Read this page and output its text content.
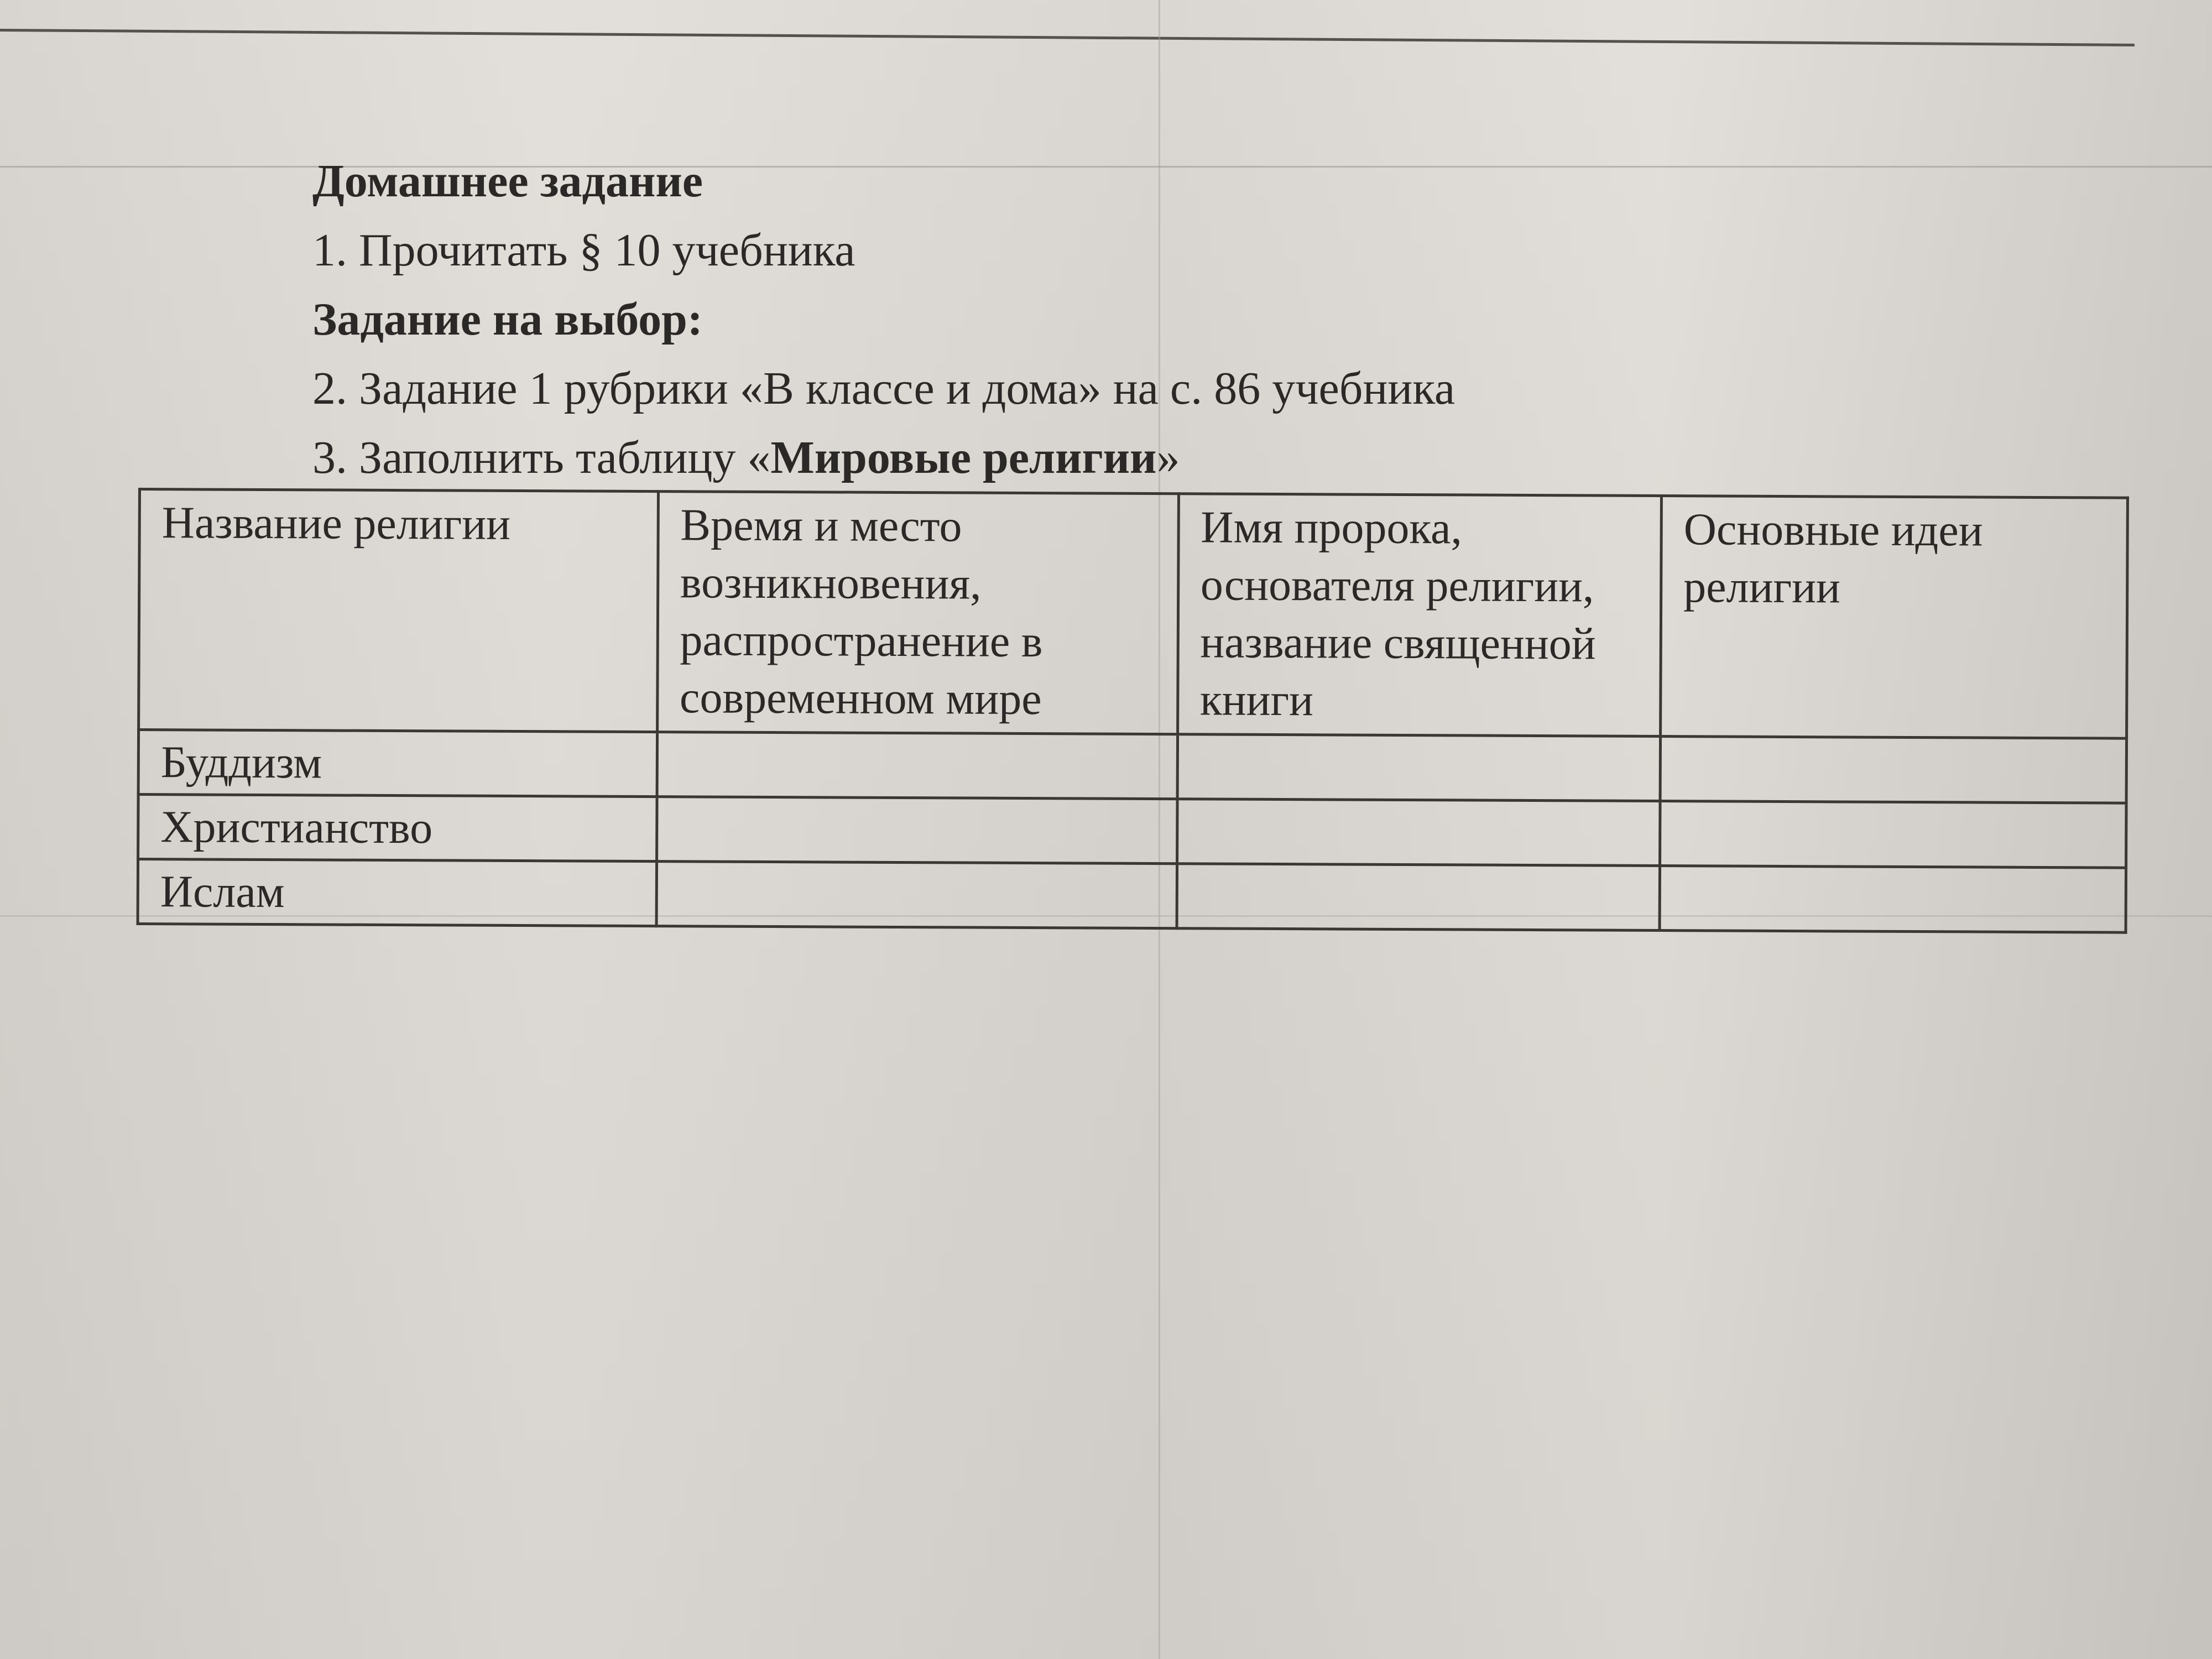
Домашнее задание
1. Прочитать § 10 учебника
Задание на выбор:
2. Задание 1 рубрики «В классе и дома» на с. 86 учебника
3. Заполнить таблицу «Мировые религии»
Название религии	Время и место возникновения, распространение в современном мире	Имя пророка, основателя религии, название священной книги	Основные идеи религии
Буддизм			
Христианство			
Ислам			
